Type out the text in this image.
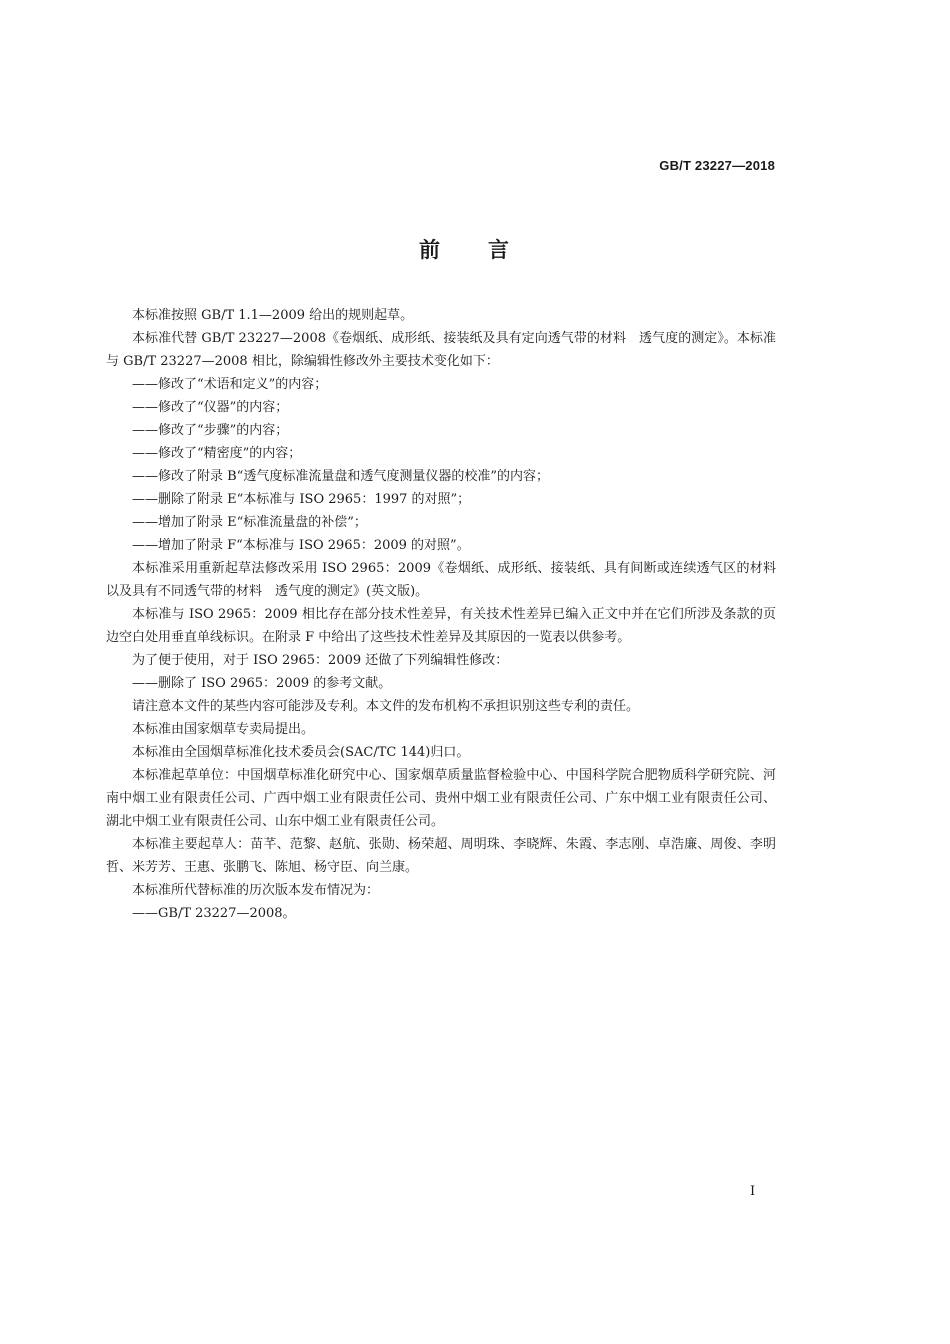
GB/T 23227—2018
前言

本标准按照 GB/T 1.1—2009 给出的规则起草。

本标准代替 GB/T 23227—2008《卷烟纸、成形纸、接装纸及具有定向透气带的材料　透气度的测定》。本标准与 GB/T 23227—2008 相比，除编辑性修改外主要技术变化如下：

——修改了“术语和定义”的内容；

——修改了“仪器”的内容；

——修改了“步骤”的内容；

——修改了“精密度”的内容；

——修改了附录 B“透气度标准流量盘和透气度测量仪器的校准”的内容；

——删除了附录 E“本标准与 ISO 2965：1997 的对照”；

——增加了附录 E“标准流量盘的补偿”；

——增加了附录 F“本标准与 ISO 2965：2009 的对照”。

本标准采用重新起草法修改采用 ISO 2965：2009《卷烟纸、成形纸、接装纸、具有间断或连续透气区的材料以及具有不同透气带的材料　透气度的测定》(英文版)。

本标准与 ISO 2965：2009 相比存在部分技术性差异，有关技术性差异已编入正文中并在它们所涉及条款的页边空白处用垂直单线标识。在附录 F 中给出了这些技术性差异及其原因的一览表以供参考。

为了便于使用，对于 ISO 2965：2009 还做了下列编辑性修改：

——删除了 ISO 2965：2009 的参考文献。

请注意本文件的某些内容可能涉及专利。本文件的发布机构不承担识别这些专利的责任。

本标准由国家烟草专卖局提出。

本标准由全国烟草标准化技术委员会(SAC/TC 144)归口。

本标准起草单位：中国烟草标准化研究中心、国家烟草质量监督检验中心、中国科学院合肥物质科学研究院、河南中烟工业有限责任公司、广西中烟工业有限责任公司、贵州中烟工业有限责任公司、广东中烟工业有限责任公司、湖北中烟工业有限责任公司、山东中烟工业有限责任公司。

本标准主要起草人：苗芊、范黎、赵航、张勋、杨荣超、周明珠、李晓辉、朱霞、李志刚、卓浩廉、周俊、李明哲、米芳芳、王惠、张鹏飞、陈旭、杨守臣、向兰康。

本标准所代替标准的历次版本发布情况为：

——GB/T 23227—2008。

I
